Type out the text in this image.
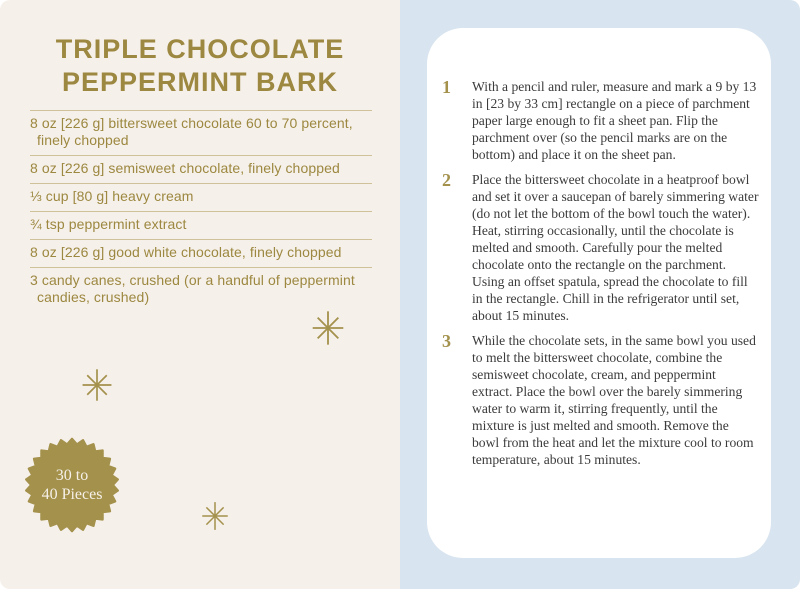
TRIPLE CHOCOLATE
PEPPERMINT BARK
8 oz [226 g] bittersweet chocolate 60 to 70 percent, finely chopped
8 oz [226 g] semisweet chocolate, finely chopped
⅓ cup [80 g] heavy cream
¾ tsp peppermint extract
8 oz [226 g] good white chocolate, finely chopped
3 candy canes, crushed (or a handful of peppermint candies, crushed)
30 to
40 Pieces
1	With a pencil and ruler, measure and mark a 9 by 13 in [23 by 33 cm] rectangle on a piece of parchment paper large enough to fit a sheet pan. Flip the parchment over (so the pencil marks are on the bottom) and place it on the sheet pan.

2	Place the bittersweet chocolate in a heatproof bowl and set it over a saucepan of barely simmering water (do not let the bottom of the bowl touch the water). Heat, stirring occasionally, until the chocolate is melted and smooth. Carefully pour the melted chocolate onto the rectangle on the parchment. Using an offset spatula, spread the chocolate to fill in the rectangle. Chill in the refrigerator until set, about 15 minutes.

3	While the chocolate sets, in the same bowl you used to melt the bittersweet chocolate, combine the semisweet chocolate, cream, and peppermint extract. Place the bowl over the barely simmering water to warm it, stirring frequently, until the mixture is just melted and smooth. Remove the bowl from the heat and let the mixture cool to room temperature, about 15 minutes.
